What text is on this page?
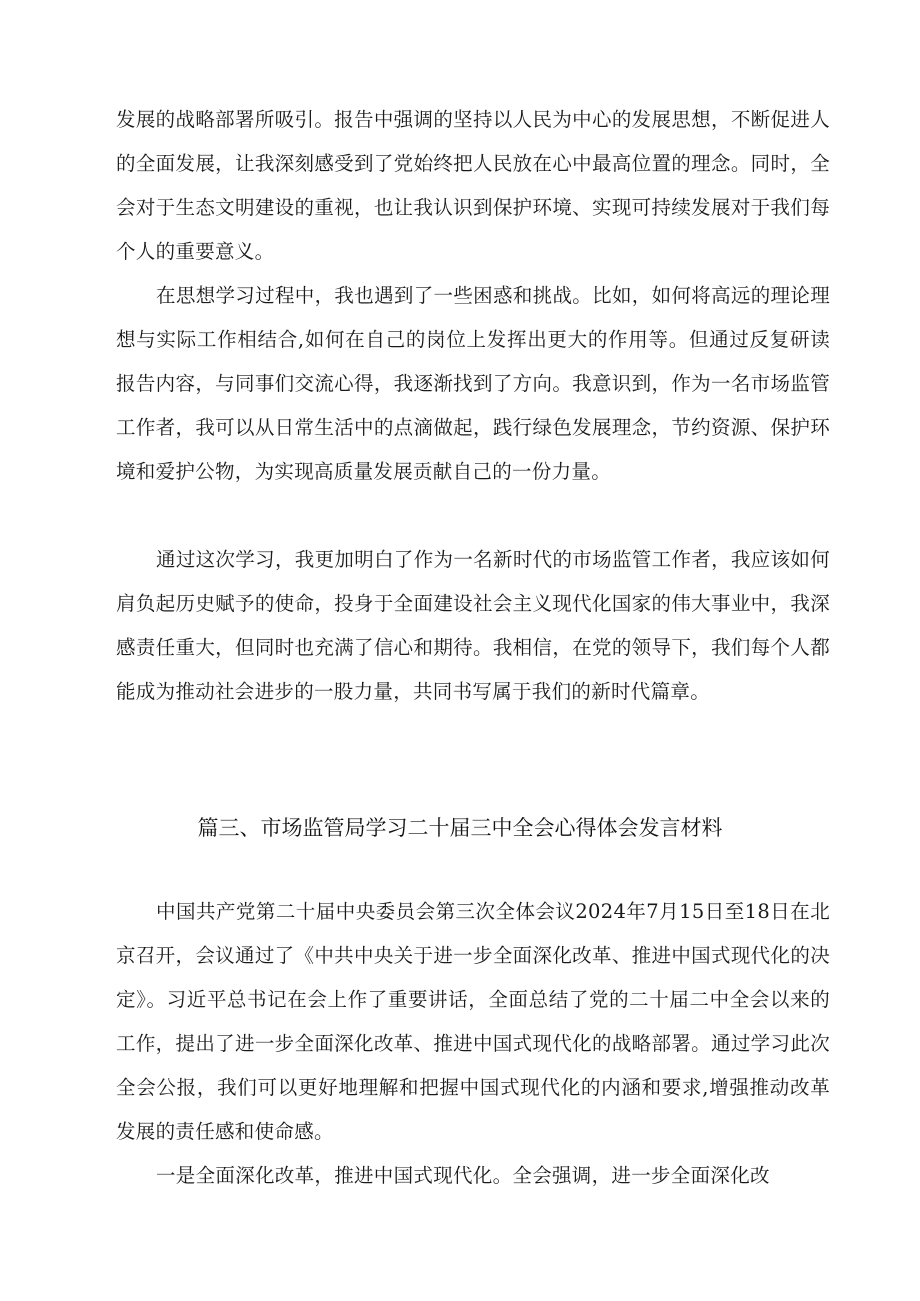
发展的战略部署所吸引。报告中强调的坚持以人民为中心的发展思想，不断促进人的全面发展，让我深刻感受到了党始终把人民放在心中最高位置的理念。同时，全会对于生态文明建设的重视，也让我认识到保护环境、实现可持续发展对于我们每个人的重要意义。

在思想学习过程中，我也遇到了一些困惑和挑战。比如，如何将高远的理论理想与实际工作相结合,如何在自己的岗位上发挥出更大的作用等。但通过反复研读报告内容，与同事们交流心得，我逐渐找到了方向。我意识到，作为一名市场监管工作者，我可以从日常生活中的点滴做起，践行绿色发展理念，节约资源、保护环境和爱护公物，为实现高质量发展贡献自己的一份力量。

通过这次学习，我更加明白了作为一名新时代的市场监管工作者，我应该如何肩负起历史赋予的使命，投身于全面建设社会主义现代化国家的伟大事业中，我深感责任重大，但同时也充满了信心和期待。我相信，在党的领导下，我们每个人都能成为推动社会进步的一股力量，共同书写属于我们的新时代篇章。

篇三、市场监管局学习二十届三中全会心得体会发言材料

中国共产党第二十届中央委员会第三次全体会议2024年7月15日至18日在北京召开，会议通过了《中共中央关于进一步全面深化改革、推进中国式现代化的决定》。习近平总书记在会上作了重要讲话，全面总结了党的二十届二中全会以来的工作，提出了进一步全面深化改革、推进中国式现代化的战略部署。通过学习此次全会公报，我们可以更好地理解和把握中国式现代化的内涵和要求,增强推动改革发展的责任感和使命感。

一是全面深化改革，推进中国式现代化。全会强调，进一步全面深化改
